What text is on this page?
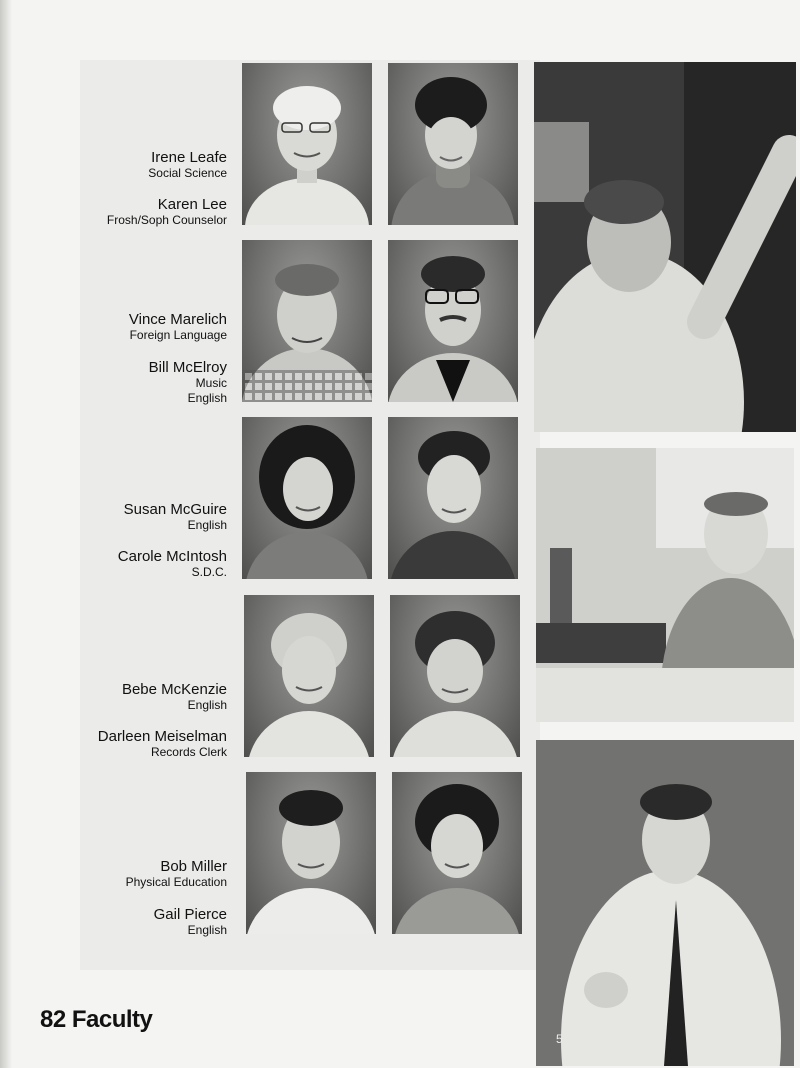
Irene Leafe
Social Science
Karen Lee
Frosh/Soph Counselor
Vince Marelich
Foreign Language
Bill McElroy
Music
English
Susan McGuire
English
Carole McIntosh
S.D.C.
Bebe McKenzie
English
Darleen Meiselman
Records Clerk
Bob Miller
Physical Education
Gail Pierce
English
5
82 Faculty
